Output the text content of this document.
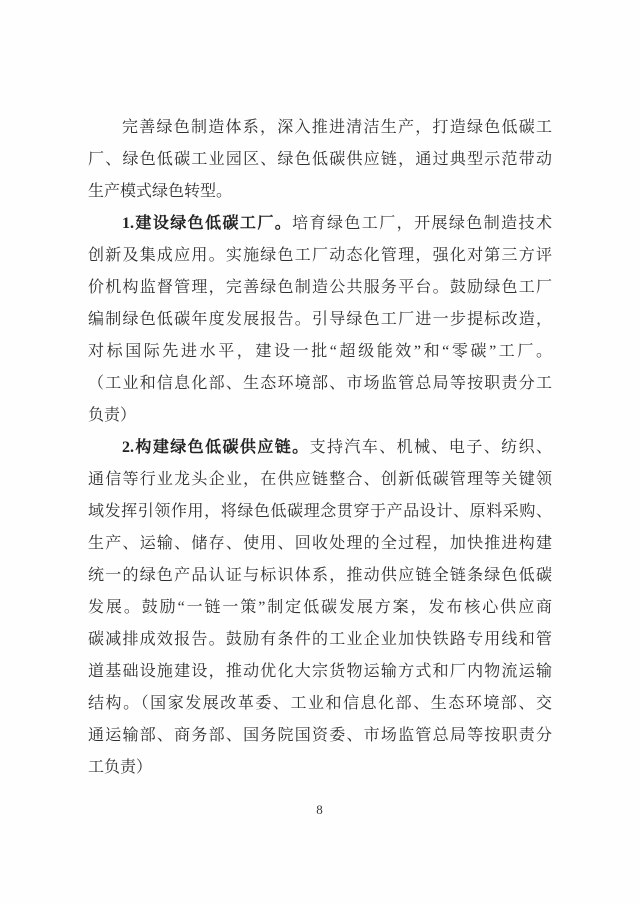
完善绿色制造体系，深入推进清洁生产，打造绿色低碳工
厂、绿色低碳工业园区、绿色低碳供应链，通过典型示范带动
生产模式绿色转型。
1.建设绿色低碳工厂。培育绿色工厂，开展绿色制造技术
创新及集成应用。实施绿色工厂动态化管理，强化对第三方评
价机构监督管理，完善绿色制造公共服务平台。鼓励绿色工厂
编制绿色低碳年度发展报告。引导绿色工厂进一步提标改造，
对标国际先进水平，建设一批“超级能效”和“零碳”工厂。
（工业和信息化部、生态环境部、市场监管总局等按职责分工
负责）
2.构建绿色低碳供应链。支持汽车、机械、电子、纺织、
通信等行业龙头企业，在供应链整合、创新低碳管理等关键领
域发挥引领作用，将绿色低碳理念贯穿于产品设计、原料采购、
生产、运输、储存、使用、回收处理的全过程，加快推进构建
统一的绿色产品认证与标识体系，推动供应链全链条绿色低碳
发展。鼓励“一链一策”制定低碳发展方案，发布核心供应商
碳减排成效报告。鼓励有条件的工业企业加快铁路专用线和管
道基础设施建设，推动优化大宗货物运输方式和厂内物流运输
结构。（国家发展改革委、工业和信息化部、生态环境部、交
通运输部、商务部、国务院国资委、市场监管总局等按职责分
工负责）
8
